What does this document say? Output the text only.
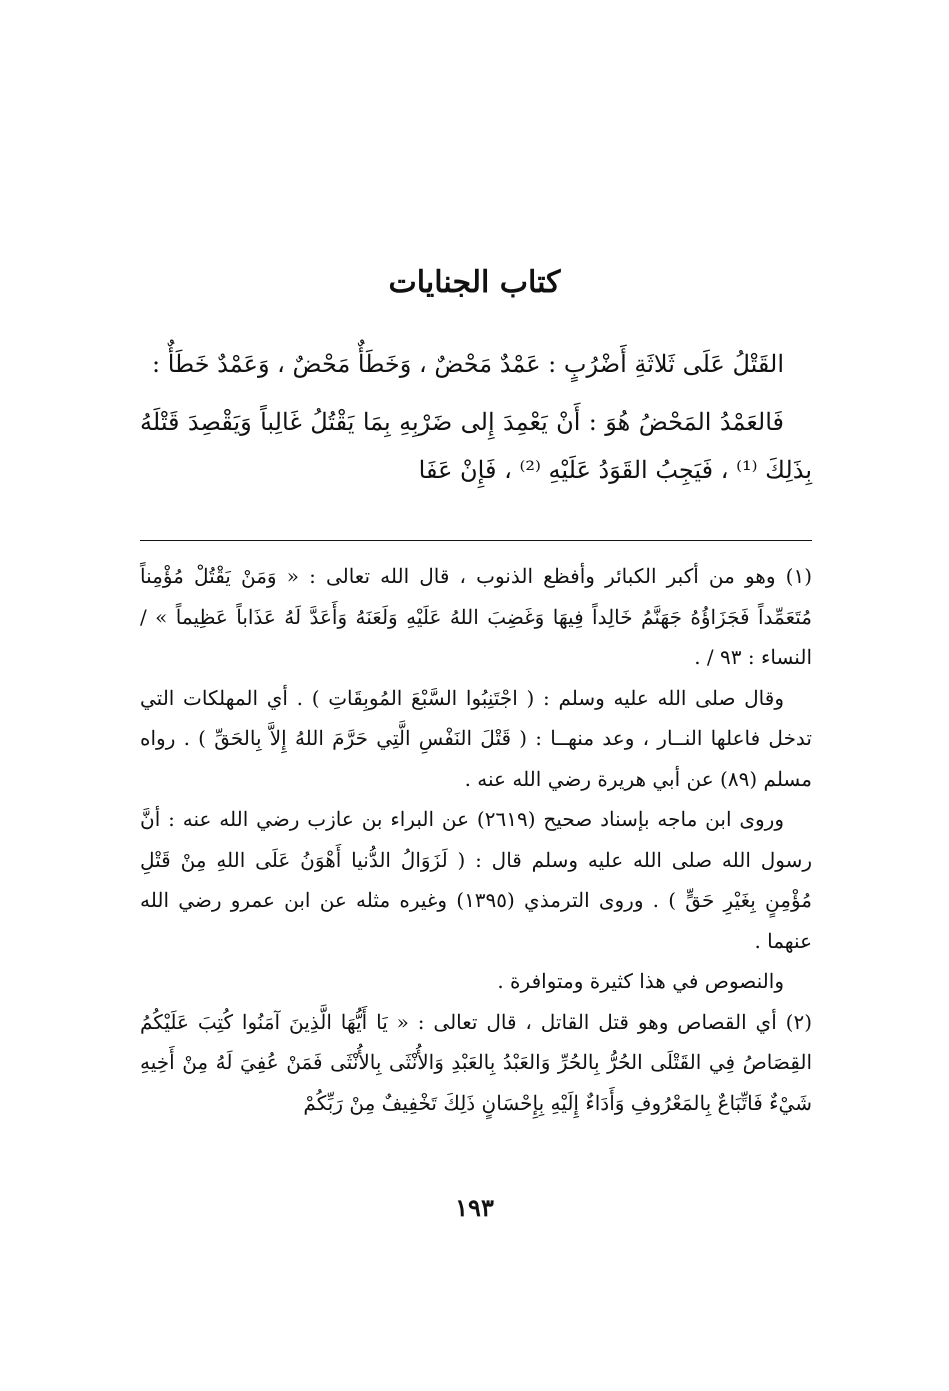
كتاب الجنايات

القَتْلُ عَلَى ثَلاثَةِ أَضْرُبٍ : عَمْدٌ مَحْضٌ ، وَخَطَأٌ مَحْضٌ ، وَعَمْدٌ خَطَأٌ :

فَالعَمْدُ المَحْضُ هُوَ : أَنْ يَعْمِدَ إِلى ضَرْبِهِ بِمَا يَقْتُلُ غَالِباً وَيَقْصِدَ قَتْلَهُ بِذَلِكَ ⁽¹⁾ ، فَيَجِبُ القَوَدُ عَلَيْهِ ⁽²⁾ ، فَإِنْ عَفَا

(١) وهو من أكبر الكبائر وأفظع الذنوب ، قال الله تعالى : « وَمَنْ يَقْتُلْ مُؤْمِناً مُتَعَمِّداً فَجَزَاؤُهُ جَهَنَّمُ خَالِداً فِيهَا وَغَضِبَ اللهُ عَلَيْهِ وَلَعَنَهُ وَأَعَدَّ لَهُ عَذَاباً عَظِيماً » / النساء : ٩٣ / .

وقال صلى الله عليه وسلم : ( اجْتَنِبُوا السَّبْعَ المُوبِقَاتِ ) . أي المهلكات التي تدخل فاعلها النــار ، وعد منهــا : ( قَتْلَ النَفْسِ الَّتِي حَرَّمَ اللهُ إِلاَّ بِالحَقِّ ) . رواه مسلم (٨٩) عن أبي هريرة رضي الله عنه .

وروى ابن ماجه بإسناد صحيح (٢٦١٩) عن البراء بن عازب رضي الله عنه : أنَّ رسول الله صلى الله عليه وسلم قال : ( لَزَوَالُ الدُّنيا أَهْوَنُ عَلَى اللهِ مِنْ قَتْلِ مُؤْمِنٍ بِغَيْرِ حَقٍّ ) . وروى الترمذي (١٣٩٥) وغيره مثله عن ابن عمرو رضي الله عنهما .

والنصوص في هذا كثيرة ومتوافرة .

(٢) أي القصاص وهو قتل القاتل ، قال تعالى : « يَا أَيُّهَا الَّذِينَ آمَنُوا كُتِبَ عَلَيْكُمُ القِصَاصُ فِي القَتْلَى الحُرُّ بِالحُرِّ وَالعَبْدُ بِالعَبْدِ وَالأُنْثَى بِالأُنْثَى فَمَنْ عُفِيَ لَهُ مِنْ أَخِيهِ شَيْءٌ فَاتِّبَاعٌ بِالمَعْرُوفِ وَأَدَاءٌ إِلَيْهِ بِإِحْسَانٍ ذَلِكَ تَخْفِيفٌ مِنْ رَبِّكُمْ

١٩٣
